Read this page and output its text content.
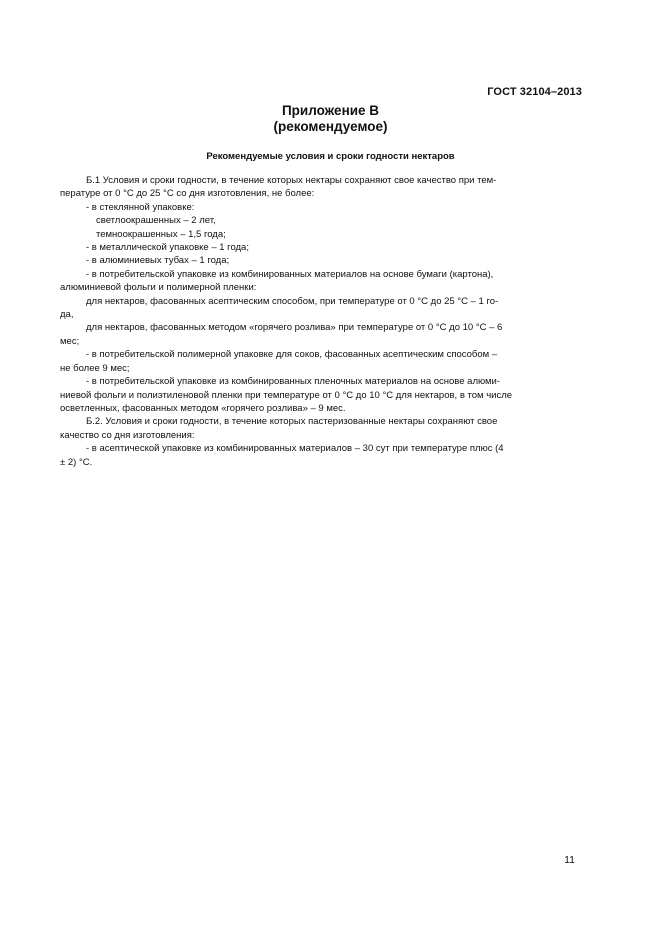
ГОСТ 32104–2013
Приложение В
(рекомендуемое)
Рекомендуемые условия и сроки годности нектаров
Б.1 Условия и сроки годности, в течение которых нектары сохраняют свое качество при тем-
пературе от 0 °С до 25 °С со дня изготовления, не более:
- в стеклянной упаковке:
светлоокрашенных – 2 лет,
темноокрашенных – 1,5 года;
- в металлической упаковке – 1 года;
- в алюминиевых тубах – 1 года;
- в потребительской упаковке из комбинированных материалов на основе бумаги (картона),
алюминиевой фольги и полимерной пленки:
для нектаров, фасованных асептическим способом, при температуре от 0 °С до 25 °С – 1 го-
да,
для нектаров, фасованных методом «горячего розлива» при температуре от 0 °С до 10 °С – 6
мес;
- в потребительской полимерной упаковке для соков, фасованных асептическим способом –
не более 9 мес;
- в потребительской упаковке из комбинированных пленочных материалов на основе алюми-
ниевой фольги и полиэтиленовой пленки при температуре от 0 °С до 10 °С для нектаров, в том числе
осветленных, фасованных методом «горячего розлива» – 9 мес.
Б.2. Условия и сроки годности, в течение которых пастеризованные нектары сохраняют свое
качество со дня изготовления:
- в асептической упаковке из комбинированных материалов – 30 сут при температуре плюс (4
± 2) °С.
11
